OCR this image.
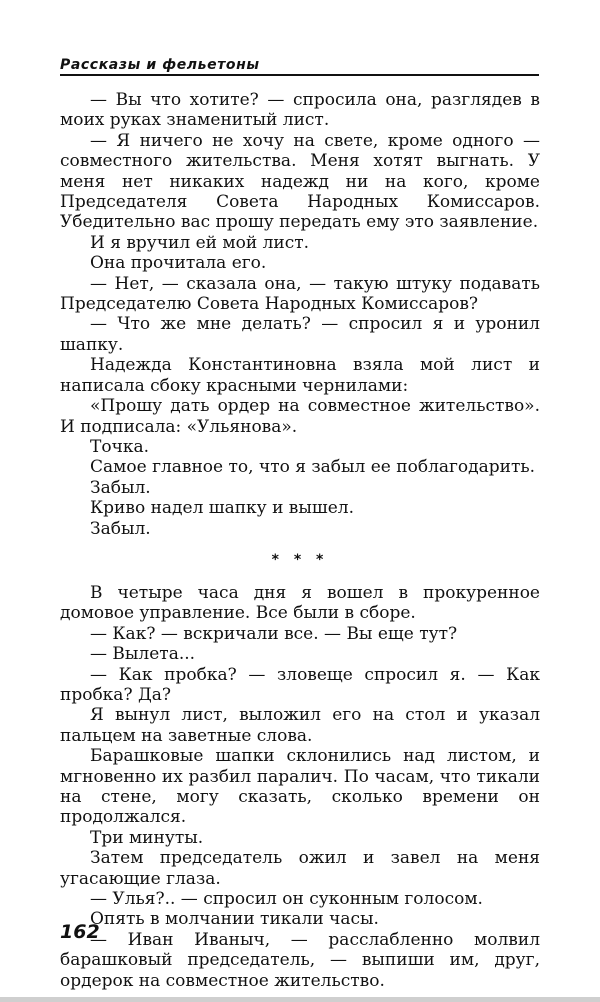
Рассказы и фельетоны

— Вы что хотите? — спросила она, разглядев в моих руках знаменитый лист.

— Я ничего не хочу на свете, кроме одного — совместного жительства. Меня хотят выгнать. У меня нет никаких надежд ни на кого, кроме Председателя Совета Народных Комиссаров. Убедительно вас прошу передать ему это заявление.

И я вручил ей мой лист.

Она прочитала его.

— Нет, — сказала она, — такую штуку подавать Председателю Совета Народных Комиссаров?

— Что же мне делать? — спросил я и уронил шапку.

Надежда Константиновна взяла мой лист и написала сбоку красными чернилами:

«Прошу дать ордер на совместное жительство». И подписала: «Ульянова».

Точка.

Самое главное то, что я забыл ее поблагодарить.

Забыл.

Криво надел шапку и вышел.

Забыл.

* * *

В четыре часа дня я вошел в прокуренное домовое управление. Все были в сборе.

— Как? — вскричали все. — Вы еще тут?

— Вылета...

— Как пробка? — зловеще спросил я. — Как пробка? Да?

Я вынул лист, выложил его на стол и указал пальцем на заветные слова.

Барашковые шапки склонились над листом, и мгновенно их разбил паралич. По часам, что тикали на стене, могу сказать, сколько времени он продолжался.

Три минуты.

Затем председатель ожил и завел на меня угасающие глаза.

— Улья?.. — спросил он суконным голосом.

Опять в молчании тикали часы.

— Иван Иваныч, — расслабленно молвил барашковый председатель, — выпиши им, друг, ордерок на совместное жительство.

162
